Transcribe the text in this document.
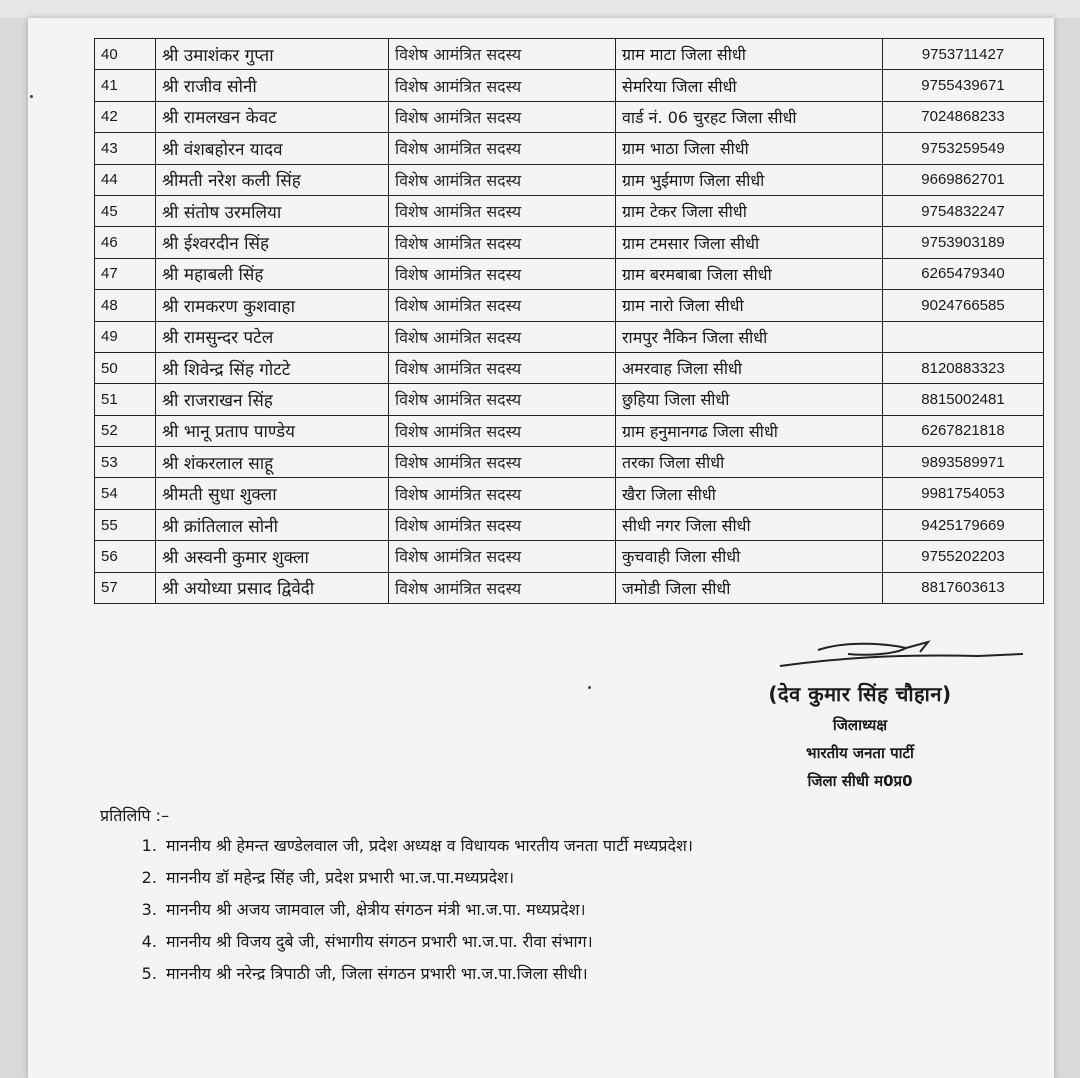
40	श्री उमाशंकर गुप्ता	विशेष आमंत्रित सदस्य	ग्राम माटा जिला सीधी	9753711427
41	श्री राजीव सोनी	विशेष आमंत्रित सदस्य	सेमरिया जिला सीधी	9755439671
42	श्री रामलखन केवट	विशेष आमंत्रित सदस्य	वार्ड नं. 06 चुरहट जिला सीधी	7024868233
43	श्री वंशबहोरन यादव	विशेष आमंत्रित सदस्य	ग्राम भाठा जिला सीधी	9753259549
44	श्रीमती नरेश कली सिंह	विशेष आमंत्रित सदस्य	ग्राम भुईमाण जिला सीधी	9669862701
45	श्री संतोष उरमलिया	विशेष आमंत्रित सदस्य	ग्राम टेकर जिला सीधी	9754832247
46	श्री ईश्वरदीन सिंह	विशेष आमंत्रित सदस्य	ग्राम टमसार जिला सीधी	9753903189
47	श्री महाबली सिंह	विशेष आमंत्रित सदस्य	ग्राम बरमबाबा जिला सीधी	6265479340
48	श्री रामकरण कुशवाहा	विशेष आमंत्रित सदस्य	ग्राम नारो जिला सीधी	9024766585
49	श्री रामसुन्दर पटेल	विशेष आमंत्रित सदस्य	रामपुर नैकिन जिला सीधी	
50	श्री शिवेन्द्र सिंह गोटटे	विशेष आमंत्रित सदस्य	अमरवाह जिला सीधी	8120883323
51	श्री राजराखन सिंह	विशेष आमंत्रित सदस्य	छुहिया जिला सीधी	8815002481
52	श्री भानू प्रताप पाण्डेय	विशेष आमंत्रित सदस्य	ग्राम हनुमानगढ जिला सीधी	6267821818
53	श्री शंकरलाल साहू	विशेष आमंत्रित सदस्य	तरका जिला सीधी	9893589971
54	श्रीमती सुधा शुक्ला	विशेष आमंत्रित सदस्य	खैरा जिला सीधी	9981754053
55	श्री क्रांतिलाल सोनी	विशेष आमंत्रित सदस्य	सीधी नगर जिला सीधी	9425179669
56	श्री अस्वनी कुमार शुक्ला	विशेष आमंत्रित सदस्य	कुचवाही जिला सीधी	9755202203
57	श्री अयोध्या प्रसाद द्विवेदी	विशेष आमंत्रित सदस्य	जमोडी जिला सीधी	8817603613
(देव कुमार सिंह चौहान)
जिलाध्यक्ष
भारतीय जनता पार्टी
जिला सीधी म0प्र0
प्रतिलिपि :–
1. माननीय श्री हेमन्त खण्डेलवाल जी, प्रदेश अध्यक्ष व विधायक भारतीय जनता पार्टी मध्यप्रदेश।
2. माननीय डॉ महेन्द्र सिंह जी, प्रदेश प्रभारी भा.ज.पा.मध्यप्रदेश।
3. माननीय श्री अजय जामवाल जी, क्षेत्रीय संगठन मंत्री भा.ज.पा. मध्यप्रदेश।
4. माननीय श्री विजय दुबे जी, संभागीय संगठन प्रभारी भा.ज.पा. रीवा संभाग।
5. माननीय श्री नरेन्द्र त्रिपाठी जी, जिला संगठन प्रभारी भा.ज.पा.जिला सीधी।
